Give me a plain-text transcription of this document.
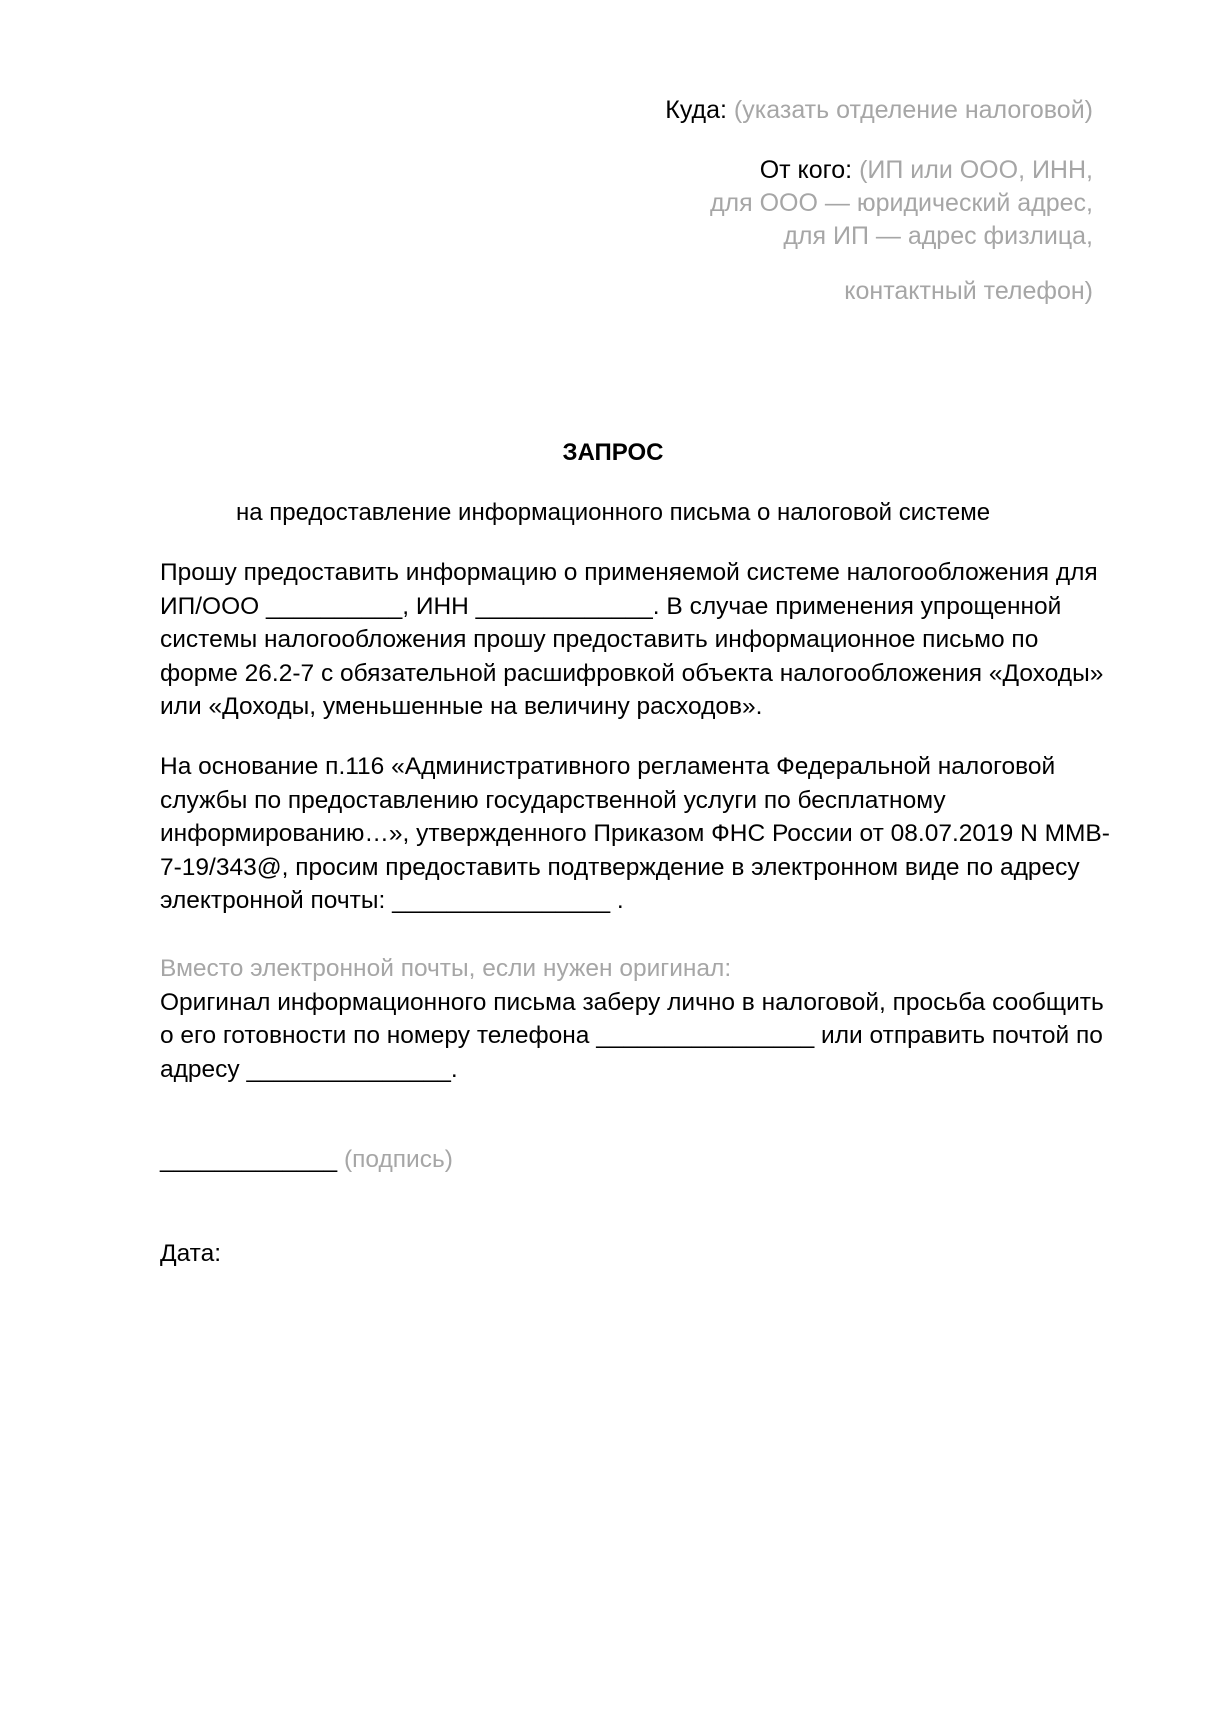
Куда: (указать отделение налоговой)
От кого: (ИП или ООО, ИНН,
для ООО — юридический адрес,
для ИП — адрес физлица,
контактный телефон)
ЗАПРОС
на предоставление информационного письма о налоговой системе
Прошу предоставить информацию о применяемой системе налогообложения для
ИП/ООО __________, ИНН _____________. В случае применения упрощенной
системы налогообложения прошу предоставить информационное письмо по
форме 26.2-7 с обязательной расшифровкой объекта налогообложения «Доходы»
или «Доходы, уменьшенные на величину расходов».
На основание п.116 «Административного регламента Федеральной налоговой
службы по предоставлению государственной услуги по бесплатному
информированию…», утвержденного Приказом ФНС России от 08.07.2019 N ММВ-
7-19/343@, просим предоставить подтверждение в электронном виде по адресу
электронной почты: ________________ .
Вместо электронной почты, если нужен оригинал:
Оригинал информационного письма заберу лично в налоговой, просьба сообщить
о его готовности по номеру телефона ________________ или отправить почтой по
адресу _______________.
_____________ (подпись)
Дата:
